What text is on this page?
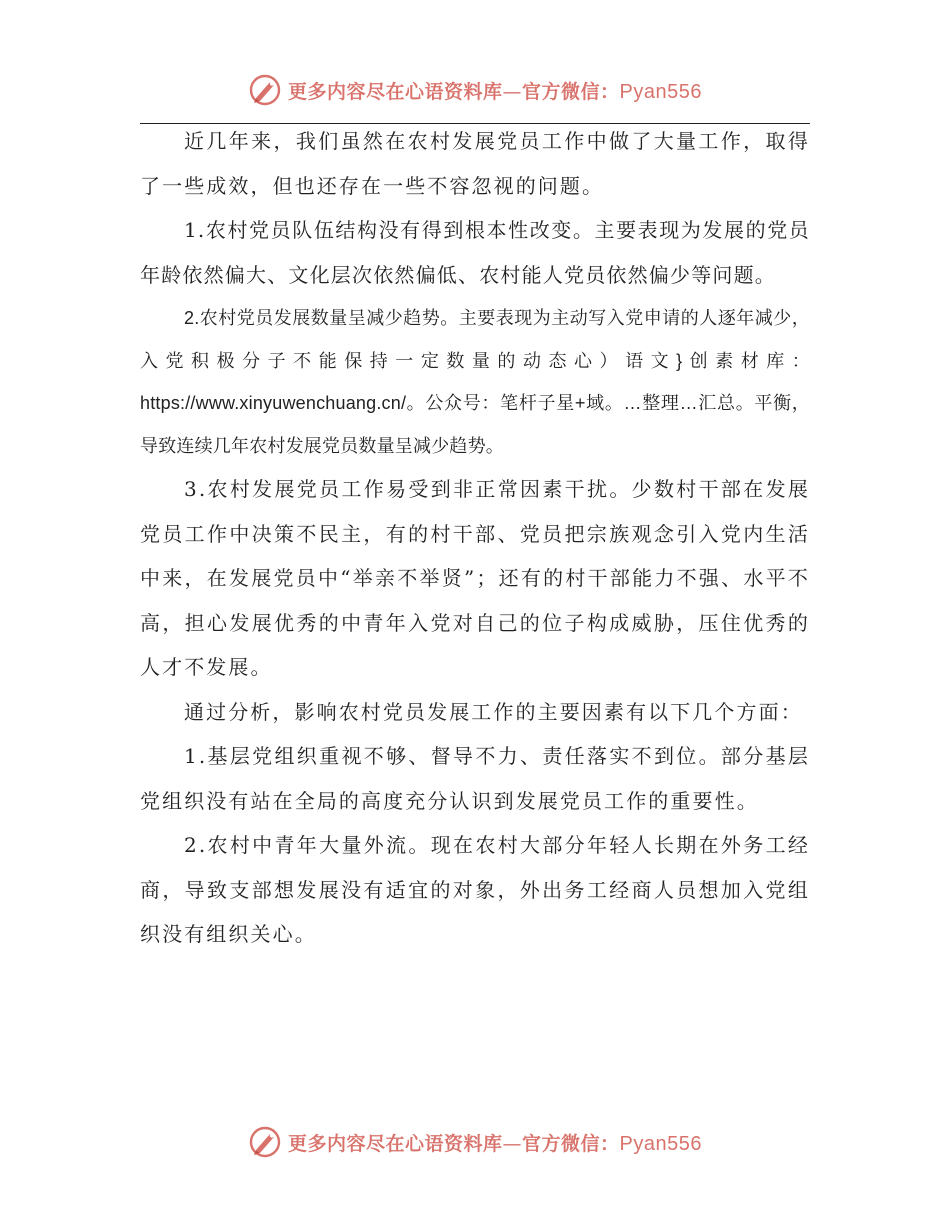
更多内容尽在心语资料库—官方微信：Pyan556

近几年来，我们虽然在农村发展党员工作中做了大量工作，取得了一些成效，但也还存在一些不容忽视的问题。

1.农村党员队伍结构没有得到根本性改变。主要表现为发展的党员年龄依然偏大、文化层次依然偏低、农村能人党员依然偏少等问题。

2.农村党员发展数量呈减少趋势。主要表现为主动写入党申请的人逐年减少，入党积极分子不能保持一定数量的动态心）语文}创素材库：https://www.xinyuwenchuang.cn/。公众号：笔杆子星+域。…整理…汇总。平衡，导致连续几年农村发展党员数量呈减少趋势。

3.农村发展党员工作易受到非正常因素干扰。少数村干部在发展党员工作中决策不民主，有的村干部、党员把宗族观念引入党内生活中来，在发展党员中“举亲不举贤”；还有的村干部能力不强、水平不高，担心发展优秀的中青年入党对自己的位子构成威胁，压住优秀的人才不发展。

通过分析，影响农村党员发展工作的主要因素有以下几个方面：

1.基层党组织重视不够、督导不力、责任落实不到位。部分基层党组织没有站在全局的高度充分认识到发展党员工作的重要性。

2.农村中青年大量外流。现在农村大部分年轻人长期在外务工经商，导致支部想发展没有适宜的对象，外出务工经商人员想加入党组织没有组织关心。

更多内容尽在心语资料库—官方微信：Pyan556
